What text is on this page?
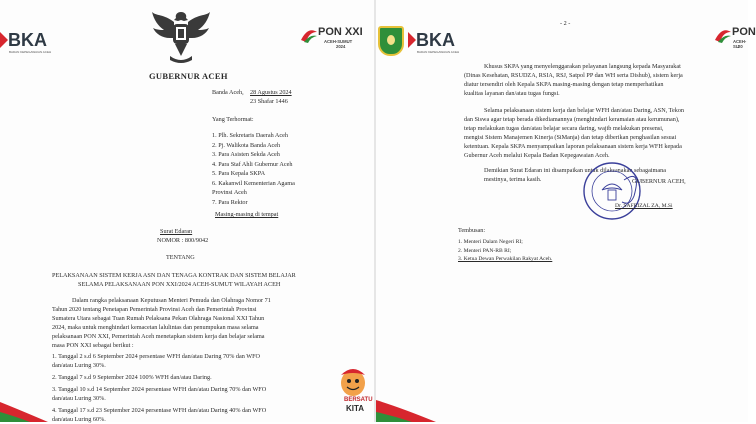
BKA
BADAN KEPEGAWAIAN ACEH
PON XXI
ACEH-SUMUT
2024
GUBERNUR ACEH
Banda Aceh, 28 Agustus 2024
23 Shafar 1446
Yang Terhormat:
1. Plh. Sekretaris Daerah Aceh
2. Pj. Walikota Banda Aceh
3. Para Asisten Sekda Aceh
4. Para Staf Ahli Gubernur Aceh
5. Para Kepala SKPA
6. Kakanwil Kementerian Agama
Provinsi Aceh
7. Para Rektor
Masing-masing di tempat
Surat Edaran
NOMOR : 800/9042
TENTANG
PELAKSANAAN SISTEM KERJA ASN DAN TENAGA KONTRAK DAN SISTEM BELAJAR
SELAMA PELAKSANAAN PON XXI/2024 ACEH-SUMUT WILAYAH ACEH
Dalam rangka pelaksanaan Keputusan Menteri Pemuda dan Olahraga Nomor 71
Tahun 2020 tentang Penetapan Pemerintah Provinsi Aceh dan Pemerintah Provinsi
Sumatera Utara sebagai Tuan Rumah Pelaksana Pekan Olahraga Nasional XXI Tahun
2024, maka untuk menghindari kemacetan lalulintas dan penumpukan masa selama
pelaksanaan PON XXI, Pemerintah Aceh menetapkan sistem kerja dan belajar selama
masa PON XXI sebagai berikut :
1. Tanggal 2 s.d 6 September 2024 persentase WFH dan/atau Daring 70% dan WFO
dan/atau Luring 30%.
2. Tanggal 7 s.d 9 September 2024 100% WFH dan/atau Daring.
3. Tanggal 10 s.d 14 September 2024 persentase WFH dan/atau Daring 70% dan WFO
dan/atau Luring 30%.
4. Tanggal 17 s.d 23 September 2024 persentase WFH dan/atau Daring 40% dan WFO
dan/atau Luring 60%.
BERSATU
KITA
BKA
BADAN KEPEGAWAIAN ACEH
- 2 -
PON
ACEH-SU 20
Khusus SKPA yang menyelenggarakan pelayanan langsung kepada Masyarakat
(Dinas Kesehatan, RSUDZA, RSIA, RSJ, Satpol PP dan WH serta Dishub), sistem kerja
diatur tersendiri oleh Kepala SKPA masing-masing dengan tetap memperhatikan
kualitas layanan dan/atau tugas fungsi.
Selama pelaksanaan sistem kerja dan belajar WFH dan/atau Daring, ASN, Tekon
dan Siswa agar tetap berada dikediamannya (menghindari keramaian atau kerumunan),
tetap melakukan tugas dan/atau belajar secara daring, wajib melakukan presensi,
mengisi Sistem Manajemen Kinerja (SiManja) dan tetap diberikan penghasilan sesuai
ketentuan. Kepala SKPA menyampaikan laporan pelaksanaan sistem kerja WFH kepada
Gubernur Aceh melalui Kepala Badan Kepegawaian Aceh.
Demikian Surat Edaran ini disampaikan untuk dilaksanakan sebagaimana
mestinya, terima kasih.	GUBERNUR ACEH,
Dr. SAFRIZAL ZA, M.Si
Tembusan:
1. Menteri Dalam Negeri RI;
2. Menteri PAN-RB RI;
3. Ketua Dewan Perwakilan Rakyat Aceh.
